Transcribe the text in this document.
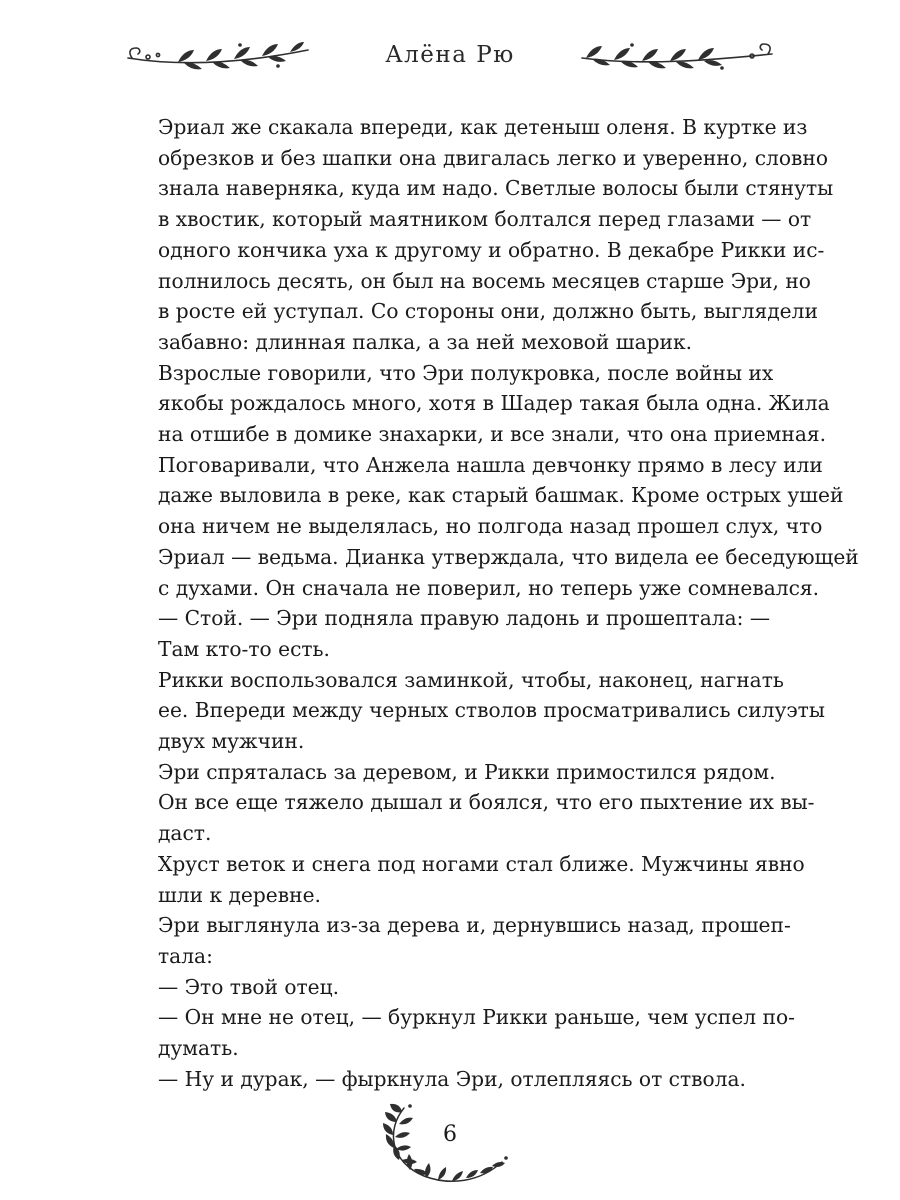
Алёна Рю

Эриал же скакала впереди, как детеныш оленя. В куртке из
обрезков и без шапки она двигалась легко и уверенно, словно
знала наверняка, куда им надо. Светлые волосы были стянуты
в хвостик, который маятником болтался перед глазами — от
одного кончика уха к другому и обратно. В декабре Рикки ис-
полнилось десять, он был на восемь месяцев старше Эри, но
в росте ей уступал. Со стороны они, должно быть, выглядели
забавно: длинная палка, а за ней меховой шарик.

Взрослые говорили, что Эри полукровка, после войны их
якобы рождалось много, хотя в Шадер такая была одна. Жила
на отшибе в домике знахарки, и все знали, что она приемная.
Поговаривали, что Анжела нашла девчонку прямо в лесу или
даже выловила в реке, как старый башмак. Кроме острых ушей
она ничем не выделялась, но полгода назад прошел слух, что
Эриал — ведьма. Дианка утверждала, что видела ее беседующей
с духами. Он сначала не поверил, но теперь уже сомневался.

— Стой. — Эри подняла правую ладонь и прошептала: —
Там кто-то есть.

Рикки воспользовался заминкой, чтобы, наконец, нагнать
ее. Впереди между черных стволов просматривались силуэты
двух мужчин.

Эри спряталась за деревом, и Рикки примостился рядом.
Он все еще тяжело дышал и боялся, что его пыхтение их вы-
даст.

Хруст веток и снега под ногами стал ближе. Мужчины явно
шли к деревне.

Эри выглянула из-за дерева и, дернувшись назад, прошеп-
тала:

— Это твой отец.

— Он мне не отец, — буркнул Рикки раньше, чем успел по-
думать.

— Ну и дурак, — фыркнула Эри, отлепляясь от ствола.

6
